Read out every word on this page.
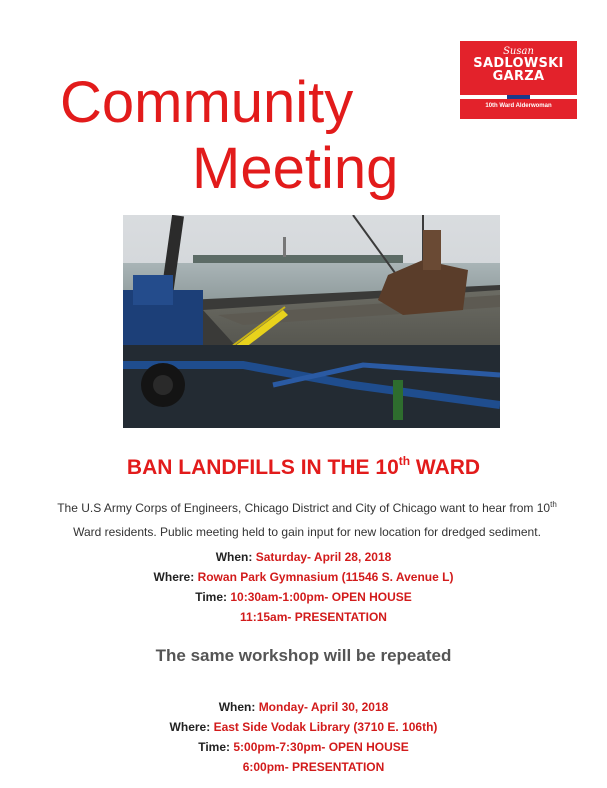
Community
Meeting
Susan
SADLOWSKI
GARZA
10th Ward Alderwoman
BAN LANDFILLS IN THE 10th WARD
The U.S Army Corps of Engineers, Chicago District and City of Chicago want to hear from 10th
Ward residents. Public meeting held to gain input for new location for dredged sediment.
When: Saturday- April 28, 2018
Where: Rowan Park Gymnasium (11546 S. Avenue L)
Time: 10:30am-1:00pm- OPEN HOUSE
11:15am- PRESENTATION
The same workshop will be repeated
When: Monday- April 30, 2018
Where: East Side Vodak Library (3710 E. 106th)
Time: 5:00pm-7:30pm- OPEN HOUSE
6:00pm- PRESENTATION
